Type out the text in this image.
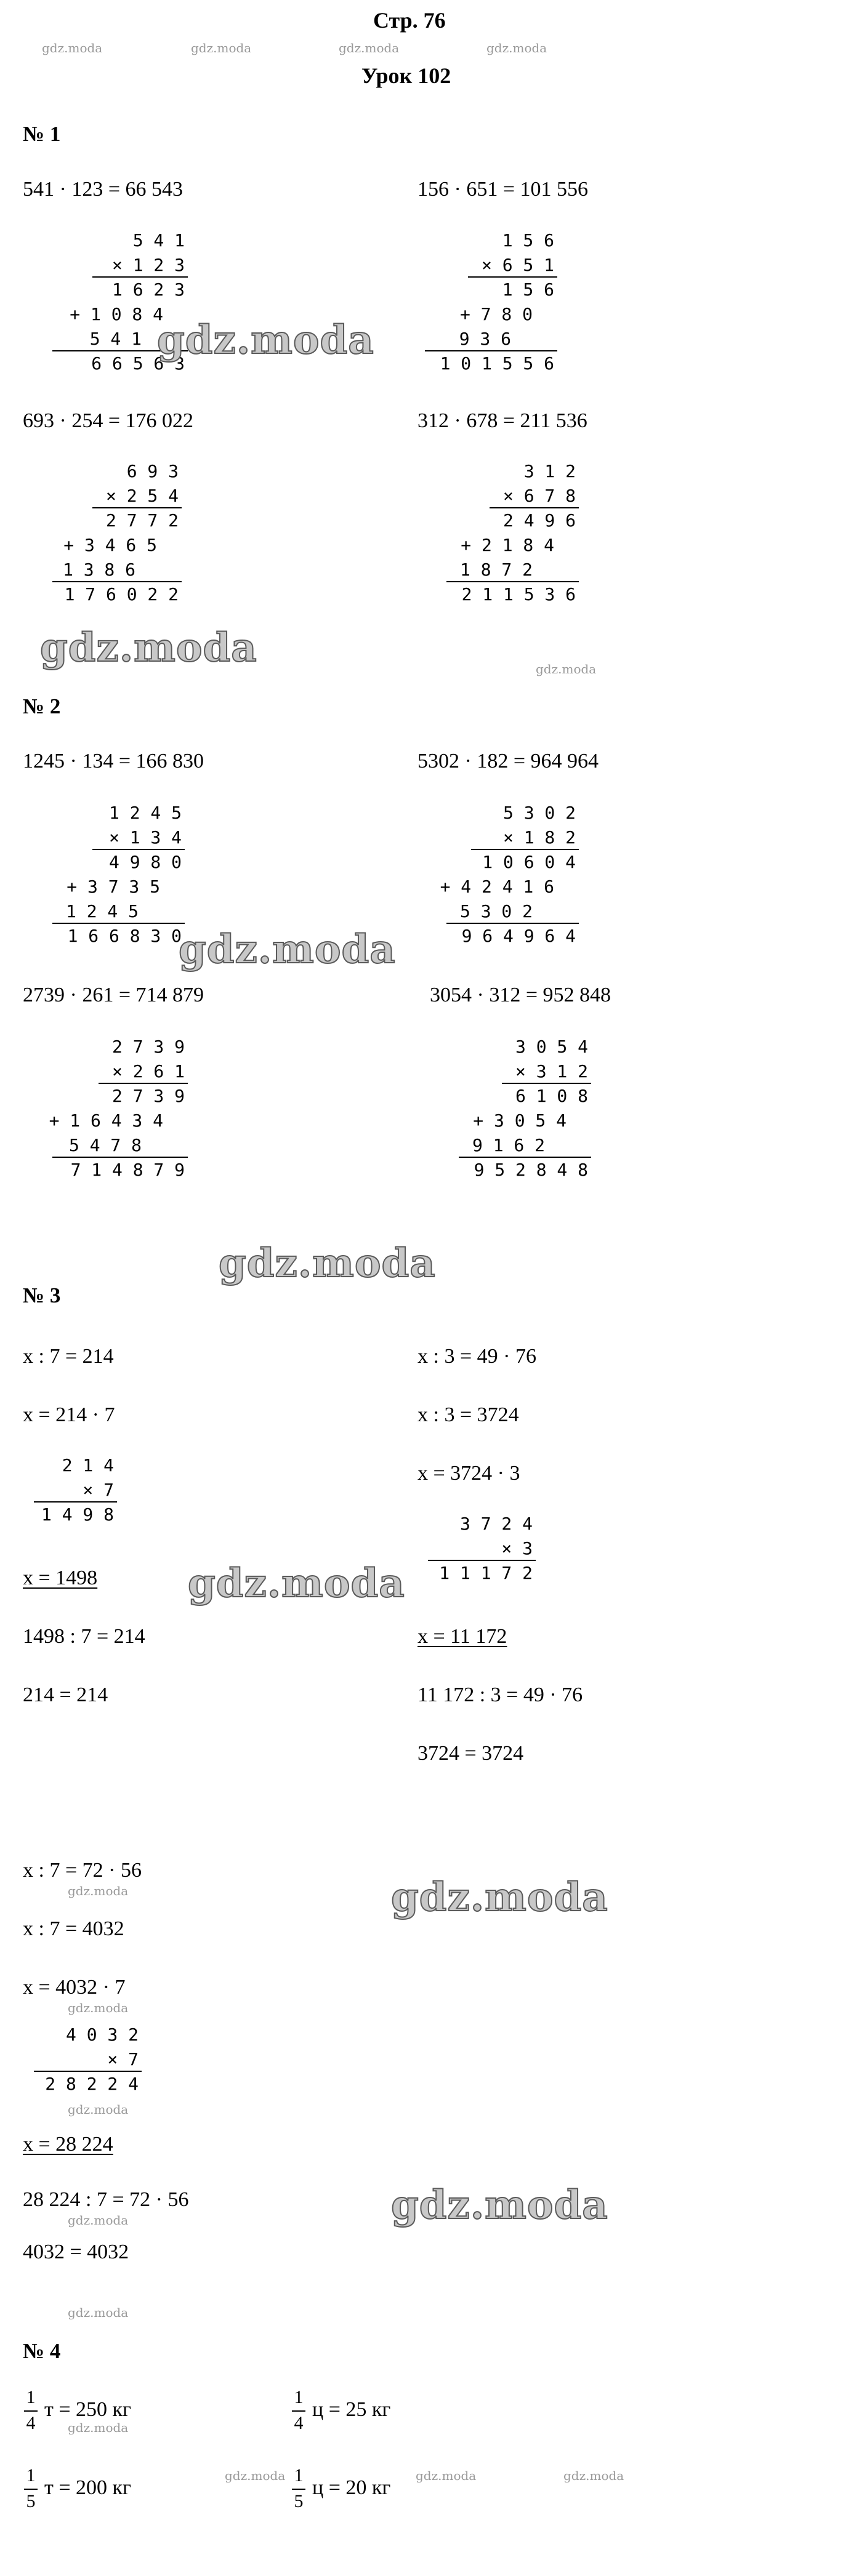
Стр. 76
Урок 102
gdz.moda	gdz.moda	gdz.moda	gdz.moda
№ 1
541 · 123 = 66 543
5 4 1
× 1 2 3
1 6 2 3
+ 1 0 8 4
5 4 1
6 6 5 6 3
156 · 651 = 101 556
1 5 6
× 6 5 1
1 5 6
+ 7 8 0
9 3 6
1 0 1 5 5 6
gdz.moda
693 · 254 = 176 022
6 9 3
× 2 5 4
2 7 7 2
+ 3 4 6 5
1 3 8 6
1 7 6 0 2 2
312 · 678 = 211 536
3 1 2
× 6 7 8
2 4 9 6
+ 2 1 8 4
1 8 7 2
2 1 1 5 3 6
gdz.moda	gdz.moda
№ 2
1245 · 134 = 166 830
1 2 4 5
× 1 3 4
4 9 8 0
+ 3 7 3 5
1 2 4 5
1 6 6 8 3 0
5302 · 182 = 964 964
5 3 0 2
× 1 8 2
1 0 6 0 4
+ 4 2 4 1 6
5 3 0 2
9 6 4 9 6 4
gdz.moda
2739 · 261 = 714 879
2 7 3 9
× 2 6 1
2 7 3 9
+ 1 6 4 3 4
5 4 7 8
7 1 4 8 7 9
3054 · 312 = 952 848
3 0 5 4
× 3 1 2
6 1 0 8
+ 3 0 5 4
9 1 6 2
9 5 2 8 4 8
gdz.moda
№ 3
x : 7 = 214
x = 214 · 7
2 1 4
× 7
1 4 9 8
x = 1498
1498 : 7 = 214
214 = 214
x : 3 = 49 · 76
x : 3 = 3724
x = 3724 · 3
3 7 2 4
× 3
1 1 1 7 2
x = 11 172
11 172 : 3 = 49 · 76
3724 = 3724
gdz.moda
x : 7 = 72 · 56
gdz.moda
x : 7 = 4032
gdz.moda
x = 4032 · 7
gdz.moda
4 0 3 2
× 7
2 8 2 2 4
gdz.moda
x = 28 224
28 224 : 7 = 72 · 56
gdz.moda	gdz.moda
4032 = 4032
gdz.moda
№ 4
1
4
т = 250 кг
gdz.moda
1
4
ц = 25 кг
1
5
т = 200 кг
gdz.moda 1
5
ц = 20 кг
gdz.moda	gdz.moda
